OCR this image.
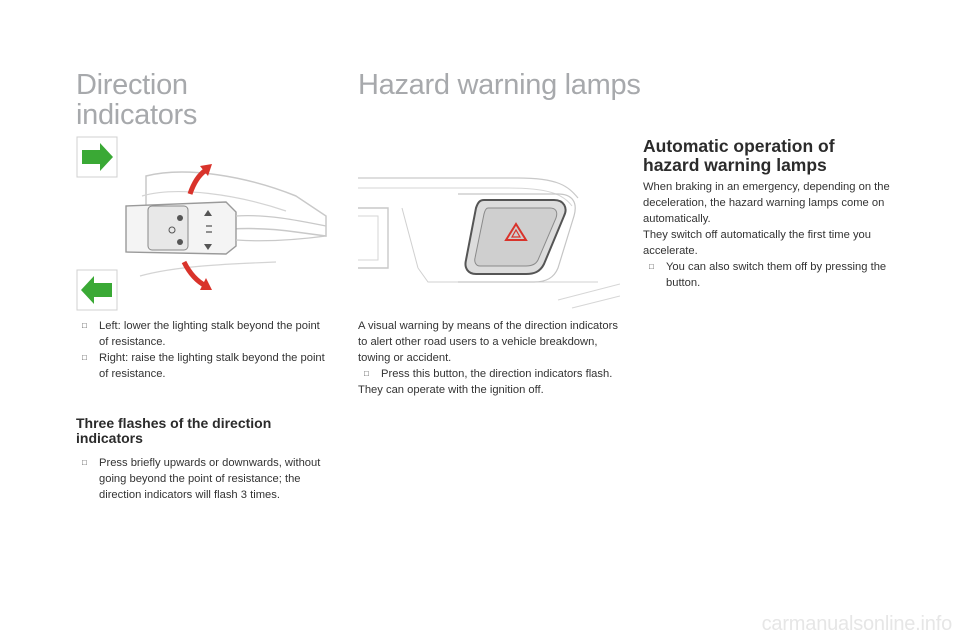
Direction
indicators
□ Left: lower the lighting stalk beyond the point of resistance.
□ Right: raise the lighting stalk beyond the point of resistance.
Three flashes of the direction indicators
□ Press briefly upwards or downwards, without going beyond the point of resistance; the direction indicators will flash 3 times.
Hazard warning lamps

A visual warning by means of the direction indicators to alert other road users to a vehicle breakdown, towing or accident.

□ Press this button, the direction indicators flash.

They can operate with the ignition off.

Automatic operation of
hazard warning lamps

When braking in an emergency, depending on the deceleration, the hazard warning lamps come on automatically.

They switch off automatically the first time you accelerate.

□ You can also switch them off by pressing the button.
carmanualsonline.info
